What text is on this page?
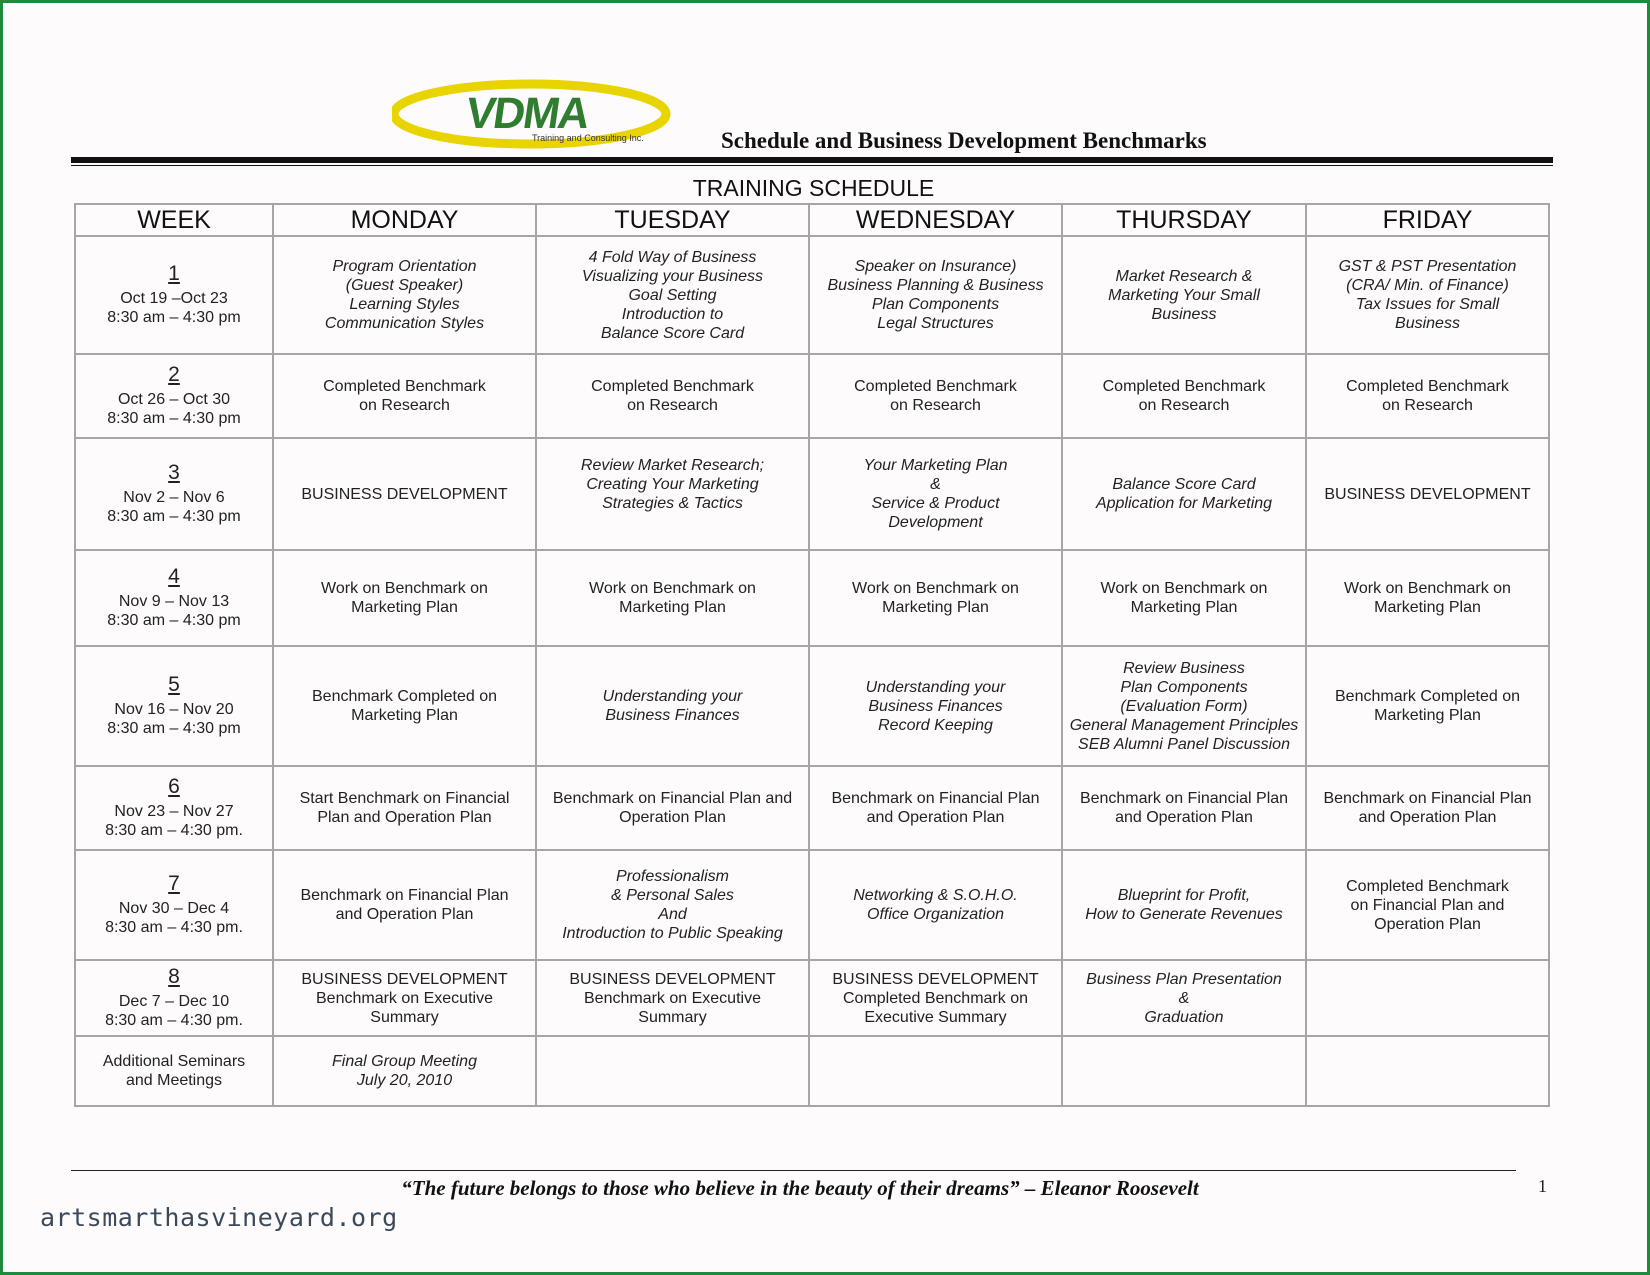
VDMA
Training and Consulting Inc.	Schedule and Business Development Benchmarks
TRAINING SCHEDULE
WEEK	MONDAY	TUESDAY	WEDNESDAY	THURSDAY	FRIDAY

1
Oct 19 –Oct 23
8:30 am – 4:30 pm	Program Orientation
(Guest Speaker)
Learning Styles
Communication Styles	4 Fold Way of Business
Visualizing your Business
Goal Setting
Introduction to
Balance Score Card	Speaker on Insurance)
Business Planning & Business
Plan Components
Legal Structures	Market Research &
Marketing Your Small
Business	GST & PST Presentation
(CRA/ Min. of Finance)
Tax Issues for Small
Business

2
Oct 26 – Oct 30
8:30 am – 4:30 pm	Completed Benchmark
on Research	Completed Benchmark
on Research	Completed Benchmark
on Research	Completed Benchmark
on Research	Completed Benchmark
on Research

3
Nov 2 – Nov 6
8:30 am – 4:30 pm	BUSINESS DEVELOPMENT	Review Market Research;
Creating Your Marketing
Strategies & Tactics	Your Marketing Plan
&
Service & Product
Development	Balance Score Card
Application for Marketing	BUSINESS DEVELOPMENT

4
Nov 9 – Nov 13
8:30 am – 4:30 pm	Work on Benchmark on
Marketing Plan	Work on Benchmark on
Marketing Plan	Work on Benchmark on
Marketing Plan	Work on Benchmark on
Marketing Plan	Work on Benchmark on
Marketing Plan

5
Nov 16 – Nov 20
8:30 am – 4:30 pm	Benchmark Completed on
Marketing Plan	Understanding your
Business Finances	Understanding your
Business Finances
Record Keeping	Review Business
Plan Components
(Evaluation Form)
General Management Principles
SEB Alumni Panel Discussion	Benchmark Completed on
Marketing Plan

6
Nov 23 – Nov 27
8:30 am – 4:30 pm.	Start Benchmark on Financial
Plan and Operation Plan	Benchmark on Financial Plan and
Operation Plan	Benchmark on Financial Plan
and Operation Plan	Benchmark on Financial Plan
and Operation Plan	Benchmark on Financial Plan
and Operation Plan

7
Nov 30 – Dec 4
8:30 am – 4:30 pm.	Benchmark on Financial Plan
and Operation Plan	Professionalism
& Personal Sales
And
Introduction to Public Speaking	Networking & S.O.H.O.
Office Organization	Blueprint for Profit,
How to Generate Revenues	Completed Benchmark
on Financial Plan and
Operation Plan

8
Dec 7 – Dec 10
8:30 am – 4:30 pm.	BUSINESS DEVELOPMENT
Benchmark on Executive
Summary	BUSINESS DEVELOPMENT
Benchmark on Executive
Summary	BUSINESS DEVELOPMENT
Completed Benchmark on
Executive Summary	Business Plan Presentation
&
Graduation	

Additional Seminars
and Meetings	Final Group Meeting
July 20, 2010				

“The future belongs to those who believe in the beauty of their dreams” – Eleanor Roosevelt	1
artsmarthasvineyard.org
